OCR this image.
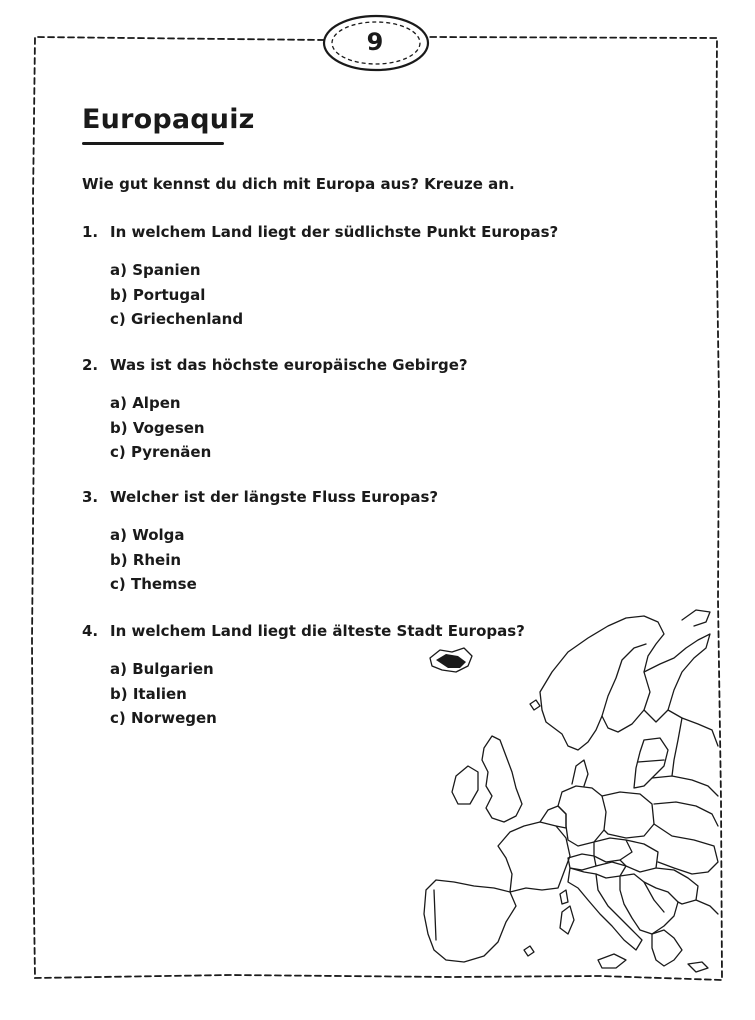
9
Europaquiz
Wie gut kennst du dich mit Europa aus? Kreuze an.
1. In welchem Land liegt der südlichste Punkt Europas?
a) Spanien
b) Portugal
c) Griechenland
2. Was ist das höchste europäische Gebirge?
a) Alpen
b) Vogesen
c) Pyrenäen
3. Welcher ist der längste Fluss Europas?
a) Wolga
b) Rhein
c) Themse
4. In welchem Land liegt die älteste Stadt Europas?
a) Bulgarien
b) Italien
c) Norwegen
